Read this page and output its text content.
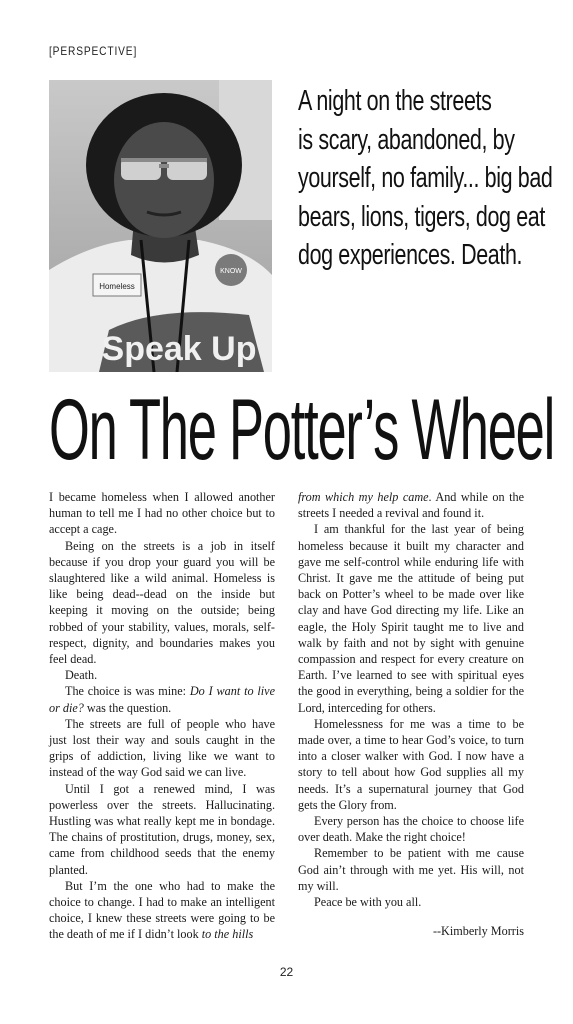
[PERSPECTIVE]
Homeless
KNOW
Speak Up
A night on the streets
is scary, abandoned, by
yourself, no family... big bad
bears, lions, tigers, dog eat
dog experiences. Death.
On The Potter’s Wheel

I became homeless when I allowed another human to tell me I had no other choice but to accept a cage.

Being on the streets is a job in itself because if you drop your guard you will be slaughtered like a wild animal. Homeless is like being dead--dead on the inside but keeping it moving on the outside; being robbed of your stability, values, morals, self-respect, dignity, and boundaries makes you feel dead.

Death.

The choice is was mine: Do I want to live or die? was the question.

The streets are full of people who have just lost their way and souls caught in the grips of addiction, living like we want to instead of the way God said we can live.

Until I got a renewed mind, I was powerless over the streets. Hallucinating. Hustling was what really kept me in bondage. The chains of prostitution, drugs, money, sex, came from childhood seeds that the enemy planted.

But I’m the one who had to make the choice to change. I had to make an intelligent choice, I knew these streets were going to be the death of me if I didn’t look to the hills

from which my help came. And while on the streets I needed a revival and found it.

I am thankful for the last year of being homeless because it built my character and gave me self-control while enduring life with Christ. It gave me the attitude of being put back on Potter’s wheel to be made over like clay and have God directing my life. Like an eagle, the Holy Spirit taught me to live and walk by faith and not by sight with genuine compassion and respect for every creature on Earth. I’ve learned to see with spiritual eyes the good in everything, being a soldier for the Lord, interceding for others.

Homelessness for me was a time to be made over, a time to hear God’s voice, to turn into a closer walker with God. I now have a story to tell about how God supplies all my needs. It’s a supernatural journey that God gets the Glory from.

Every person has the choice to choose life over death. Make the right choice!

Remember to be patient with me cause God ain’t through with me yet. His will, not my will.

Peace be with you all.

--Kimberly Morris

22
